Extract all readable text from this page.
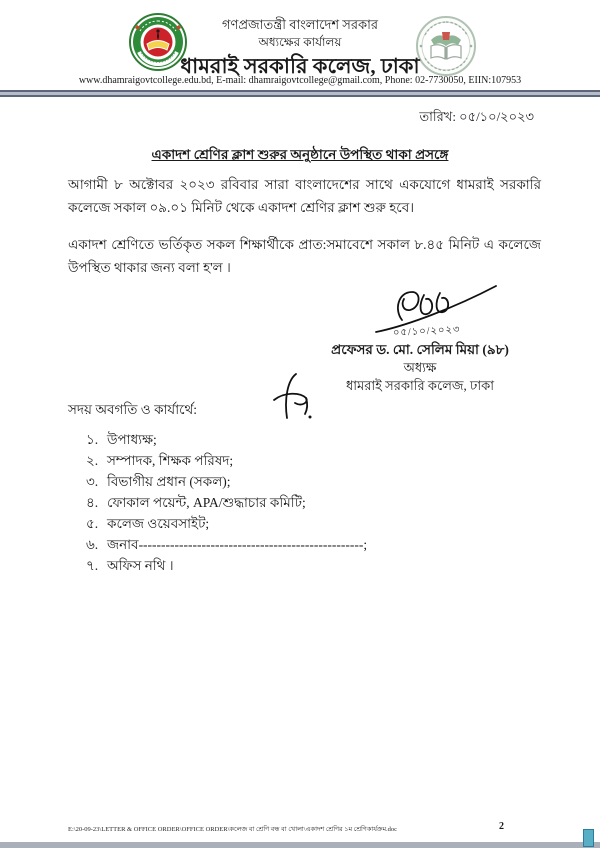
গণপ্রজাতন্ত্রী বাংলাদেশ সরকার
অধ্যক্ষের কার্যালয়
ধামরাই সরকারি কলেজ, ঢাকা
www.dhamraigovtcollege.edu.bd, E-mail: dhamraigovtcollege@gmail.com, Phone: 02-7730050, EIIN:107953
তারিখ: ০৫/১০/২০২৩
একাদশ শ্রেণির ক্লাশ শুরুর অনুষ্ঠানে উপস্থিত থাকা প্রসঙ্গে
আগামী ৮ অক্টোবর ২০২৩ রবিবার সারা বাংলাদেশের সাথে একযোগে ধামরাই সরকারি কলেজে সকাল ০৯.০১ মিনিট থেকে একাদশ শ্রেণির ক্লাশ শুরু হবে।
একাদশ শ্রেণিতে ভর্তিকৃত সকল শিক্ষার্থীকে প্রাত:সমাবেশে সকাল ৮.৪৫ মিনিট এ কলেজে উপস্থিত থাকার জন্য বলা হ'ল ।
০৫/১০/২০২৩
প্রফেসর ড. মো. সেলিম মিয়া (৯৮)
অধ্যক্ষ
ধামরাই সরকারি কলেজ, ঢাকা
সদয় অবগতি ও কার্যার্থে:
১. উপাধ্যক্ষ;
২. সম্পাদক, শিক্ষক পরিষদ;
৩. বিভাগীয় প্রধান (সকল);
৪. ফোকাল পয়েন্ট, APA/শুদ্ধাচার কমিটি;
৫. কলেজ ওয়েবসাইট;
৬. জনাব--------------------------------------------------;
৭. অফিস নথি ।
E:\20-09-23\LETTER & OFFICE ORDER\OFFICE ORDER\কলেজ বা শ্রেণি বন্ধ বা খোলা\একাদশ শ্রেণির ১ম শ্রেণিকার্যক্রম.doc	2
